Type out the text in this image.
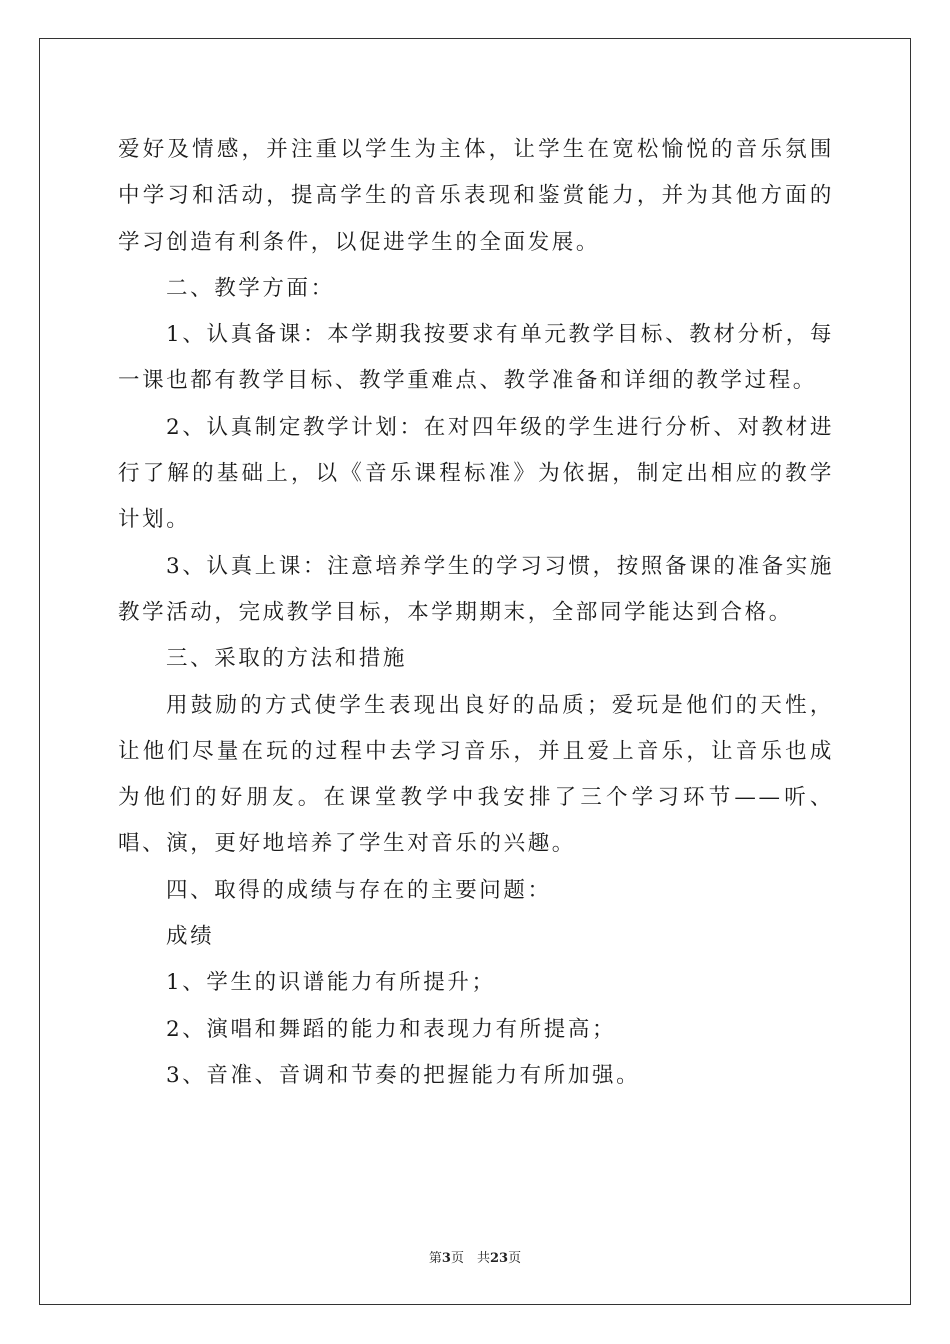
爱好及情感，并注重以学生为主体，让学生在宽松愉悦的音乐氛围中学习和活动，提高学生的音乐表现和鉴赏能力，并为其他方面的学习创造有利条件，以促进学生的全面发展。

二、教学方面：

1、认真备课：本学期我按要求有单元教学目标、教材分析，每一课也都有教学目标、教学重难点、教学准备和详细的教学过程。

2、认真制定教学计划：在对四年级的学生进行分析、对教材进行了解的基础上，以《音乐课程标准》为依据，制定出相应的教学计划。

3、认真上课：注意培养学生的学习习惯，按照备课的准备实施教学活动，完成教学目标，本学期期末，全部同学能达到合格。

三、采取的方法和措施

用鼓励的方式使学生表现出良好的品质；爱玩是他们的天性，让他们尽量在玩的过程中去学习音乐，并且爱上音乐，让音乐也成为他们的好朋友。在课堂教学中我安排了三个学习环节——听、唱、演，更好地培养了学生对音乐的兴趣。

四、取得的成绩与存在的主要问题：

成绩

1、学生的识谱能力有所提升；

2、演唱和舞蹈的能力和表现力有所提高；

3、音准、音调和节奏的把握能力有所加强。

第3页　共23页
